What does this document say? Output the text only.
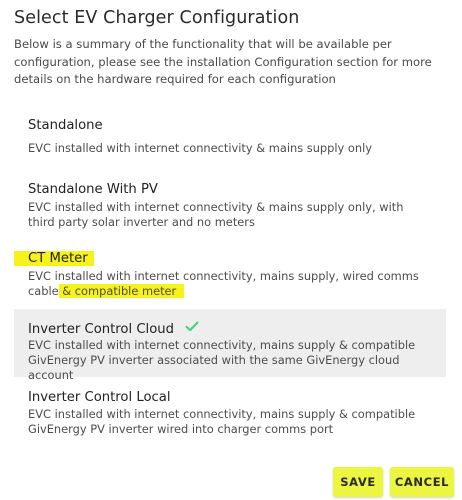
Select EV Charger Configuration

Below is a summary of the functionality that will be available per configuration, please see the installation Configuration section for more details on the hardware required for each configuration

Standalone
EVC installed with internet connectivity & mains supply only
Standalone With PV
EVC installed with internet connectivity & mains supply only, with third party solar inverter and no meters
CT Meter
EVC installed with internet connectivity, mains supply, wired comms cable & compatible meter
Inverter Control Cloud
EVC installed with internet connectivity, mains supply & compatible GivEnergy PV inverter associated with the same GivEnergy cloud account
Inverter Control Local
EVC installed with internet connectivity, mains supply & compatible GivEnergy PV inverter wired into charger comms port
SAVE	CANCEL
